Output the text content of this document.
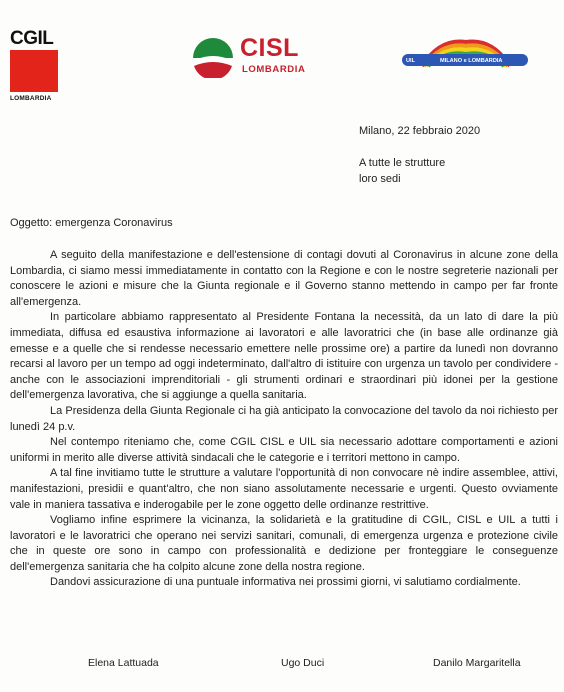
CGIL
LOMBARDIA
CISL
LOMBARDIA
UIL	MILANO e LOMBARDIA
Milano, 22 febbraio 2020
A tutte le strutture
loro sedi
Oggetto: emergenza Coronavirus

A seguito della manifestazione e dell'estensione di contagi dovuti al Coronavirus in alcune zone della Lombardia, ci siamo messi immediatamente in contatto con la Regione e con le nostre segreterie nazionali per conoscere le azioni e misure che la Giunta regionale e il Governo stanno mettendo in campo per far fronte all'emergenza.

In particolare abbiamo rappresentato al Presidente Fontana la necessità, da un lato di dare la più immediata, diffusa ed esaustiva informazione ai lavoratori e alle lavoratrici che (in base alle ordinanze già emesse e a quelle che si rendesse necessario emettere nelle prossime ore) a partire da lunedì non dovranno recarsi al lavoro per un tempo ad oggi indeterminato, dall'altro di istituire con urgenza un tavolo per condividere - anche con le associazioni imprenditoriali - gli strumenti ordinari e straordinari più idonei per la gestione dell'emergenza lavorativa, che si aggiunge a quella sanitaria.

La Presidenza della Giunta Regionale ci ha già anticipato la convocazione del tavolo da noi richiesto per lunedì 24 p.v.

Nel contempo riteniamo che, come CGIL CISL e UIL sia necessario adottare comportamenti e azioni uniformi in merito alle diverse attività sindacali che le categorie e i territori mettono in campo.

A tal fine invitiamo tutte le strutture a valutare l'opportunità di non convocare nè indire assemblee, attivi, manifestazioni, presidii e quant'altro, che non siano assolutamente necessarie e urgenti. Questo ovviamente vale in maniera tassativa e inderogabile per le zone oggetto delle ordinanze restrittive.

Vogliamo infine esprimere la vicinanza, la solidarietà e la gratitudine di CGIL, CISL e UIL a tutti i lavoratori e le lavoratrici che operano nei servizi sanitari, comunali, di emergenza urgenza e protezione civile che in queste ore sono in campo con professionalità e dedizione per fronteggiare le conseguenze dell'emergenza sanitaria che ha colpito alcune zone della nostra regione.

Dandovi assicurazione di una puntuale informativa nei prossimi giorni, vi salutiamo cordialmente.

Elena Lattuada	Ugo Duci	Danilo Margaritella
